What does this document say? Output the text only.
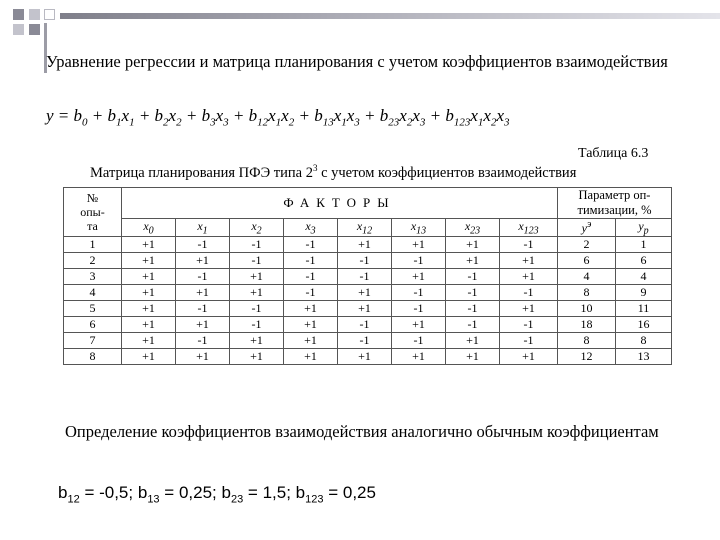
Уравнение регрессии и матрица планирования с учетом коэффициентов взаимодействия
$y = b_0 + b_1x_1 + b_2x_2 + b_3x_3 + b_{12}x_1x_2 + b_{13}x_1x_3 + b_{23}x_2x_3 + b_{123}x_1x_2x_3$
Таблица 6.3
Матрица планирования ПФЭ типа $2^3$ с учетом коэффициентов взаимодействия
№
опы-
та	ФАКТОРЫ								Параметр оп-
тимизации, %	

	$x_0$	$x_1$	$x_2$	$x_3$	$x_{12}$	$x_{13}$	$x_{23}$	$x_{123}$	$y^э$	$y_р$
1	+1	-1	-1	-1	+1	+1	+1	-1	2	1
2	+1	+1	-1	-1	-1	-1	+1	+1	6	6
3	+1	-1	+1	-1	-1	+1	-1	+1	4	4
4	+1	+1	+1	-1	+1	-1	-1	-1	8	9
5	+1	-1	-1	+1	+1	-1	-1	+1	10	11
6	+1	+1	-1	+1	-1	+1	-1	-1	18	16
7	+1	-1	+1	+1	-1	-1	+1	-1	8	8
8	+1	+1	+1	+1	+1	+1	+1	+1	12	13
Определение коэффициентов взаимодействия аналогично обычным коэффициентам
$b_{12} = -0,5$; $b_{13} = 0,25$; $b_{23} = 1,5$; $b_{123} = 0,25$
